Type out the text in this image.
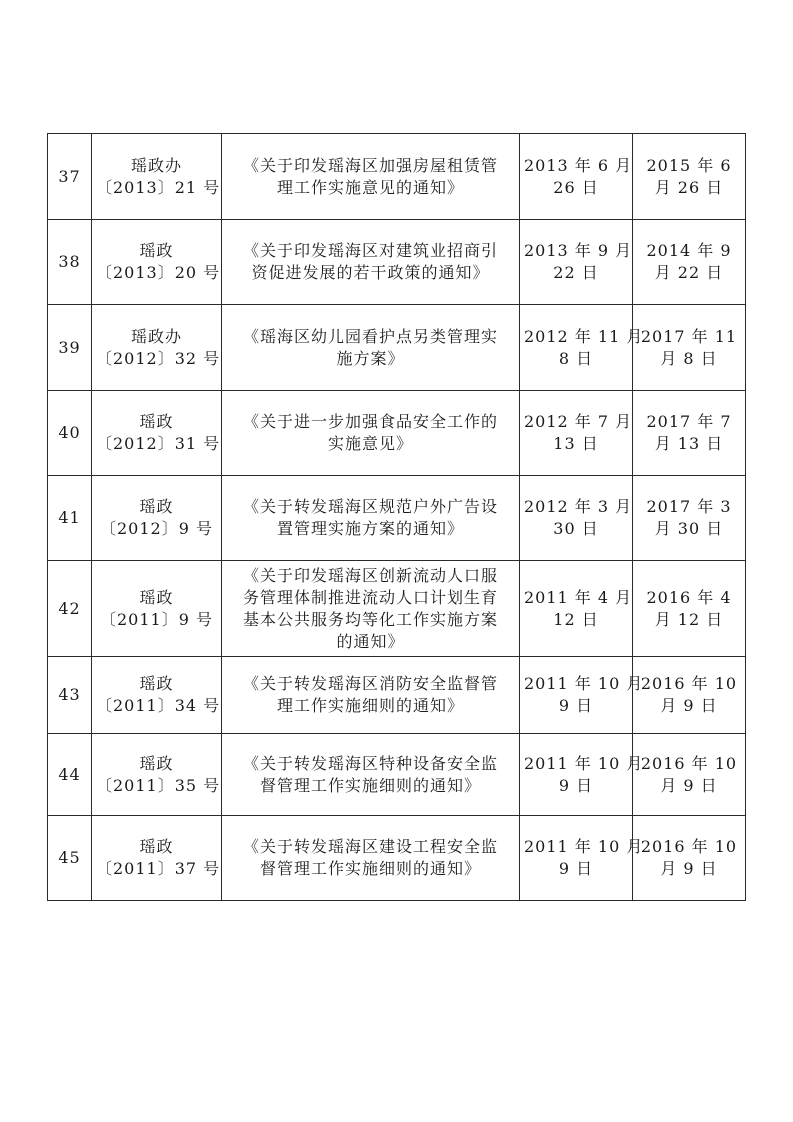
37	瑶政办
〔2013〕21 号	《关于印发瑶海区加强房屋租赁管
理工作实施意见的通知》	2013 年 6 月
26 日	2015 年 6
月 26 日

38	瑶政
〔2013〕20 号	《关于印发瑶海区对建筑业招商引
资促进发展的若干政策的通知》	2013 年 9 月
22 日	2014 年 9
月 22 日

39	瑶政办
〔2012〕32 号	《瑶海区幼儿园看护点另类管理实
施方案》	2012 年 11 月
8 日	2017 年 11
月 8 日

40	瑶政
〔2012〕31 号	《关于进一步加强食品安全工作的
实施意见》	2012 年 7 月
13 日	2017 年 7
月 13 日

41	瑶政
〔2012〕9 号	《关于转发瑶海区规范户外广告设
置管理实施方案的通知》	2012 年 3 月
30 日	2017 年 3
月 30 日

42	瑶政
〔2011〕9 号	《关于印发瑶海区创新流动人口服
务管理体制推进流动人口计划生育
基本公共服务均等化工作实施方案
的通知》	2011 年 4 月
12 日	2016 年 4
月 12 日

43	瑶政
〔2011〕34 号	《关于转发瑶海区消防安全监督管
理工作实施细则的通知》	2011 年 10 月
9 日	2016 年 10
月 9 日

44	瑶政
〔2011〕35 号	《关于转发瑶海区特种设备安全监
督管理工作实施细则的通知》	2011 年 10 月
9 日	2016 年 10
月 9 日

45	瑶政
〔2011〕37 号	《关于转发瑶海区建设工程安全监
督管理工作实施细则的通知》	2011 年 10 月
9 日	2016 年 10
月 9 日
